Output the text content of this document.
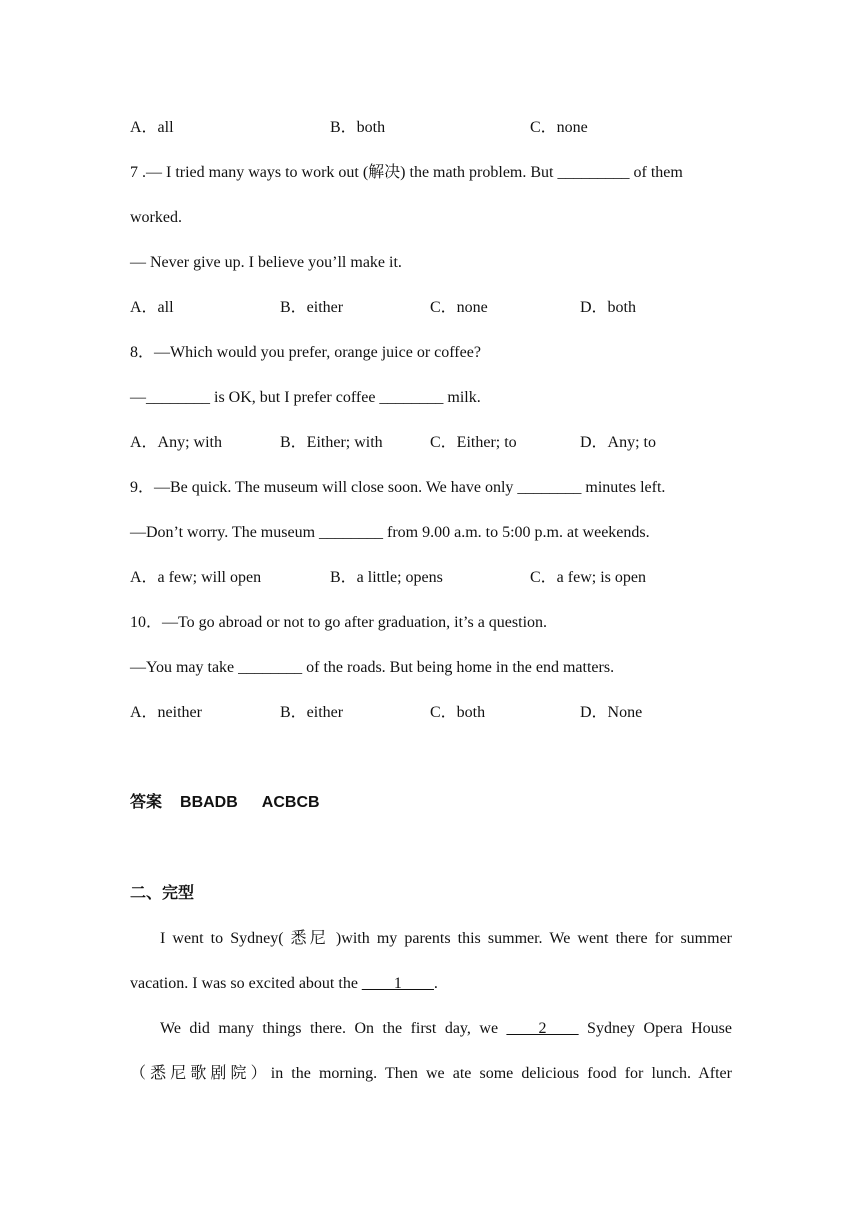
A．all	B．both	C．none
7 .— I tried many ways to work out (解决) the math problem. But _________ of them
worked.
— Never give up. I believe you’ll make it.
A．all	B．either	C．none	D．both
8．—Which would you prefer, orange juice or coffee?
—________ is OK, but I prefer coffee ________ milk.
A．Any; with	B．Either; with	C．Either; to	D．Any; to
9．—Be quick. The museum will close soon. We have only ________ minutes left.
—Don’t worry. The museum ________ from 9.00 a.m. to 5:00 p.m. at weekends.
A．a few; will open	B．a little; opens	C．a few; is open
10．—To go abroad or not to go after graduation, it’s a question.
—You may take ________ of the roads. But being home in the end matters.
A．neither	B．either	C．both	D．None
答案 BBADB ACBCB
二、完型
I went to Sydney( 悉尼 )with my parents this summer. We went there for summer
vacation. I was so excited about the ____1____.
We did many things there. On the first day, we ____2____ Sydney Opera House
（悉尼歌剧院）in the morning. Then we ate some delicious food for lunch. After
